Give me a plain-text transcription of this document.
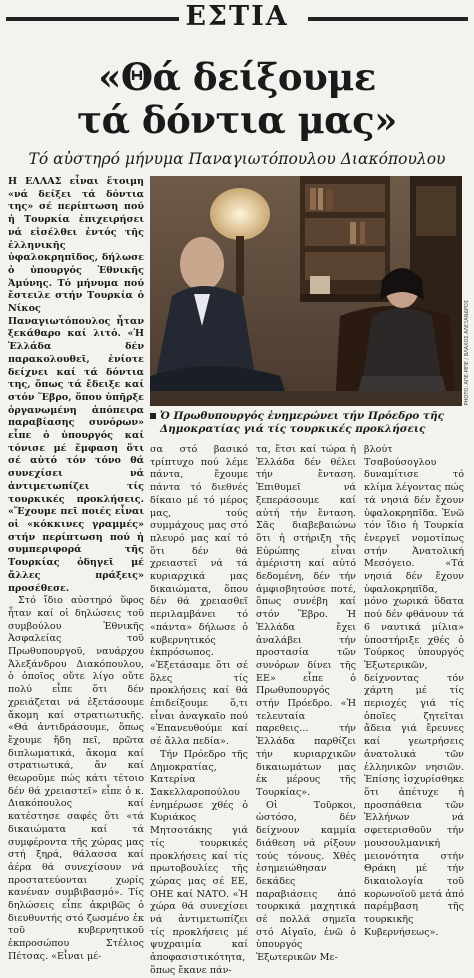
ΕΣΤΙΑ
«Θά δείξουμε
τά δόντια μας»
Τό αὐστηρό μήνυμα Παναγιωτόπουλου Διακόπουλου

Η ΕΛΛΑΣ εἶναι ἕτοιμη «νά δείξει τά δόντια της» σέ περίπτωση πού ἡ Τουρκία ἐπιχειρήσει νά εἰσέλθει ἐντός τῆς ἑλληνικῆς ὑφαλοκρηπῖδος, δήλωσε ὁ ὑπουργός Ἐθνικῆς Ἀμύνης. Τό μήνυμα πού ἔστειλε στήν Τουρκία ὁ Νίκος Παναγιωτόπουλος ἦταν ξεκάθαρο καί λιτό. «Ἡ Ἑλλάδα δέν παρακολουθεῖ, ἐνίοτε δείχνει καί τά δόντια της, ὅπως τά ἔδειξε καί στόν Ἕβρο, ὅπου ὑπῆρξε ὀργανωμένη ἀπόπειρα παραβίασης συνόρων» εἶπε ὁ ὑπουργός καί τόνισε μέ ἔμφαση ὅτι σέ αὐτό τόν τόνο θά συνεχίσει νά ἀντιμετωπίζει τίς τουρκικές προκλήσεις. «Ἔχουμε πεῖ ποιές εἶναι οἱ «κόκκινες γραμμές» στήν περίπτωση πού ἡ συμπεριφορά τῆς Τουρκίας ὁδηγεῖ μέ ἄλλες πράξεις» προσέθεσε.

Στό ἴδιο αὐστηρό ὕφος ἦταν καί οἱ δηλώσεις τοῦ συμβούλου Ἐθνικῆς Ἀσφαλείας τοῦ Πρωθυπουργοῦ, ναυάρχου Ἀλεξάνδρου Διακόπουλου, ὁ ὁποῖος οὔτε λίγο οὔτε πολύ εἶπε ὅτι δέν χρειάζεται νά ἐξετάσουμε ἄκομη καί στρατιωτικῆς. «Θά ἀντιδράσουμε, ὅπως ἔχουμε ἤδη πεῖ, πρῶτα διπλωματικά, ἄκομα καί στρατιωτικά, ἄν καί θεωροῦμε πώς κάτι τέτοιο δέν θά χρειαστεῖ» εἶπε ὁ κ. Διακόπουλος καί κατέστησε σαφές ὅτι «τά δικαιώματα καί τά συμφέροντα τῆς χώρας μας στή ξηρά, θάλασσα καί ἀέρα θά συνεχίσουν νά προστατεύονται χωρίς κανέναν συμβιβασμό». Τίς δηλώσεις εἶπε ἀκριβῶς ὁ διευθυντής στό ζωσμένο ἐκ τοῦ κυβερνητικοῦ ἐκπροσώπου Στέλιος Πέτσας. «Εἶναι μέ-

PHOTO: ΑΠΕ-ΜΠΕ / ΒΛΑΧΟΣ ΑΛΕΞΑΝΔΡΟΣ
Ὁ Πρωθυπουργός ἐνημερώνει τήν Πρόεδρο τῆς Δημοκρατίας γιά τίς τουρκικές προκλήσεις

σα στό βασικό τρίπτυχο πού λέμε πάντα, ἔχουμε πάντα τό διεθνές δίκαιο μέ τό μέρος μας, τούς συμμάχους μας στό πλευρό μας καί τό ὅτι δέν θά χρειαστεῖ νά τά κυριαρχικά μας δικαιώματα, ὅπου δέν θά χρειασθεῖ περιλαμβάνει τό «πάντα» δήλωσε ὁ κυβερνητικός ἐκπρόσωπος. «Ἐξετάσαμε ὅτι σέ ὅλες τίς προκλήσεις καί θά ἐπιδείξουμε ὅ,τι εἶναι ἀναγκαῖο πού «Ἐπανευθούμε καί σέ ἄλλα πεδία».

Τήν Πρόεδρο τῆς Δημοκρατίας, Κατερίνα Σακελλαροπούλου ἐνημέρωσε χθές ὁ Κυριάκος Μητσοτάκης γιά τίς τουρκικές προκλήσεις καί τίς πρωτοβουλίες τῆς χώρας μας σέ ΕΕ, ΟΗΕ καί ΝΑΤΟ. «Ἡ χώρα θά συνεχίσει νά ἀντιμετωπίζει τίς προκλήσεις μέ ψυχραιμία καί ἀποφασιστικότητα, ὅπως ἔκανε πάν-

τα, ἔτσι καί τώρα ἡ Ἑλλάδα δέν θέλει τήν ἔνταση. Ἐπιθυμεῖ νά ξεπεράσουμε καί αὐτή τήν ἔνταση. Σᾶς διαβεβαιώνω ὅτι ἡ στήριξη τῆς Εὐρώπης εἶναι ἀμέριστη καί αὐτό δεδομένη, δέν τήν ἀμφισβητούσε ποτέ, ὅπως συνέβη καί στόν Ἕβρο. Ἡ Ἑλλάδα ἔχει ἀναλάβει τήν προστασία τῶν συνόρων δίνει τῆς ΕΕ» εἶπε ὁ Πρωθυπουργός στήν Πρόεδρο. «Ἡ τελευταία παρεθεις... τήν Ἑλλάδα παρθίζει τήν κυριαρχικῶν δικαιωμάτων μας ἐκ μέρους τῆς Τουρκίας».

Οἱ Τοῦρκοι, ὡστόσο, δέν δείχνουν καμμία διάθεση νά ρίξουν τούς τόνους. Χθές ἐσημειώθησαν δεκάδες παραβιάσεις ἀπό τουρκικά μαχητικά σέ πολλά σημεῖα στό Αἰγαῖο, ἐνῶ ὁ ὑπουργός Ἐξωτερικῶν Με-

βλούτ Τσαβούσογλου δυναμίτισε τό κλίμα λέγοντας πώς τά νησιά δέν ἔχουν ὑφαλοκρηπῖδα. Ἐνῶ τόν ἴδιο ἡ Τουρκία ἐνεργεῖ νομοτίπως στήν Ἀνατολική Μεσόγειο. «Τά νησιά δέν ἔχουν ὑφαλοκρηπῖδα, μόνο χωρικά ὕδατα πού δέν φθάνουν τά 6 ναυτικά μίλια» ὑποστήριξε χθές ὁ Τούρκος ὑπουργός Ἐξωτερικῶν, δείχνοντας τόν χάρτη μέ τίς περιοχές γιά τίς ὁποῖες ζητεῖται ἄδεια γιά ἔρευνες καί γεωτρήσεις ἀνατολικά τῶν ἑλληνικῶν νησιῶν. Ἐπίσης ἰσχυρίσθηκε ὅτι ἀπέτυχε ἡ προσπάθεια τῶν Ἑλλήνων νά σφετερισθοῦν τήν μουσουλμανική μειονότητα στήν Θράκη μέ τήν δικαιολογία τοῦ κορωνοϊοῦ μετά ἀπό παρέμβαση τῆς τουρκικῆς Κυβερνήσεως».
